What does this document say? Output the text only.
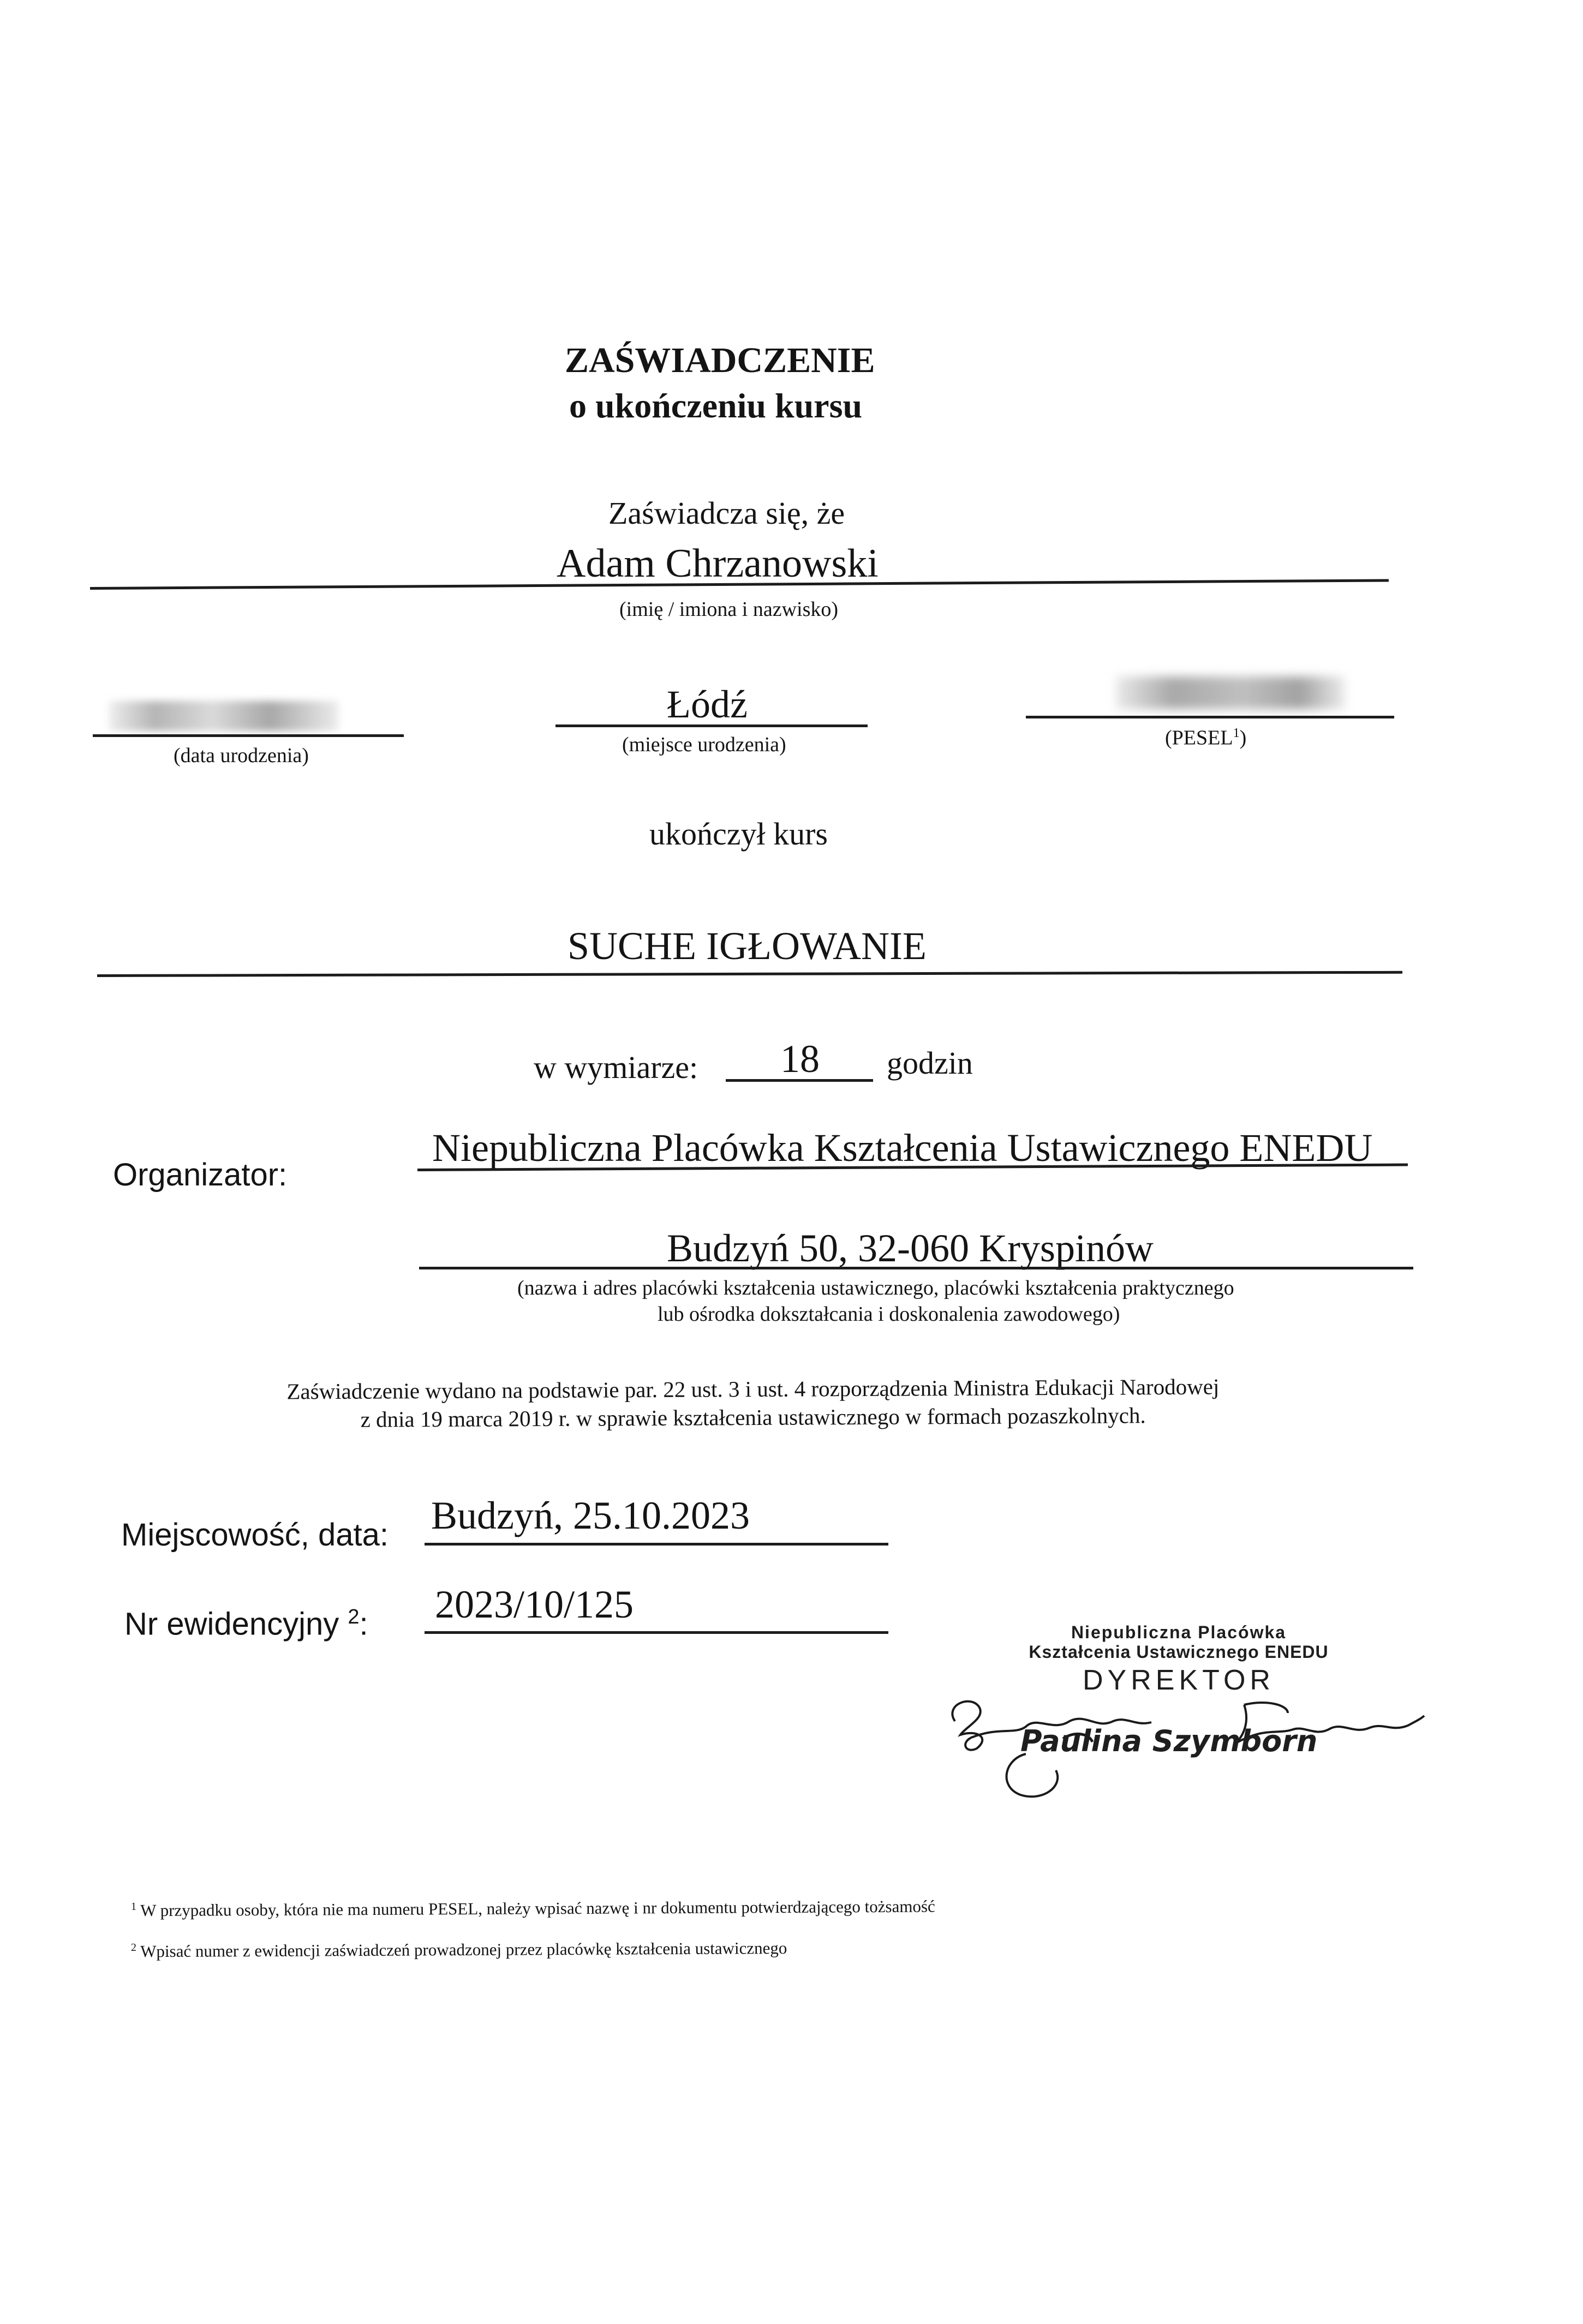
ZAŚWIADCZENIE
o ukończeniu kursu
Zaświadcza się, że
Adam Chrzanowski
(imię / imiona i nazwisko)
(data urodzenia)
Łódź
(miejsce urodzenia)	(PESEL$^1$)
ukończył kurs
SUCHE IGŁOWANIE
w wymiarze: 18 godzin
Organizator:
Niepubliczna Placówka Kształcenia Ustawicznego ENEDU
Budzyń 50, 32-060 Kryspinów
(nazwa i adres placówki kształcenia ustawicznego, placówki kształcenia praktycznego
lub ośrodka dokształcania i doskonalenia zawodowego)
Zaświadczenie wydano na podstawie par. 22 ust. 3 i ust. 4 rozporządzenia Ministra Edukacji Narodowej
z dnia 19 marca 2019 r. w sprawie kształcenia ustawicznego w formach pozaszkolnych.
Miejscowość, data: Budzyń, 25.10.2023
Nr ewidencyjny $^2$: 2023/10/125
Niepubliczna Placówka
Kształcenia Ustawicznego ENEDU
DYREKTOR
Paulina Szymborn
$^1$ W przypadku osoby, która nie ma numeru PESEL, należy wpisać nazwę i nr dokumentu potwierdzającego tożsamość
$^2$ Wpisać numer z ewidencji zaświadczeń prowadzonej przez placówkę kształcenia ustawicznego
